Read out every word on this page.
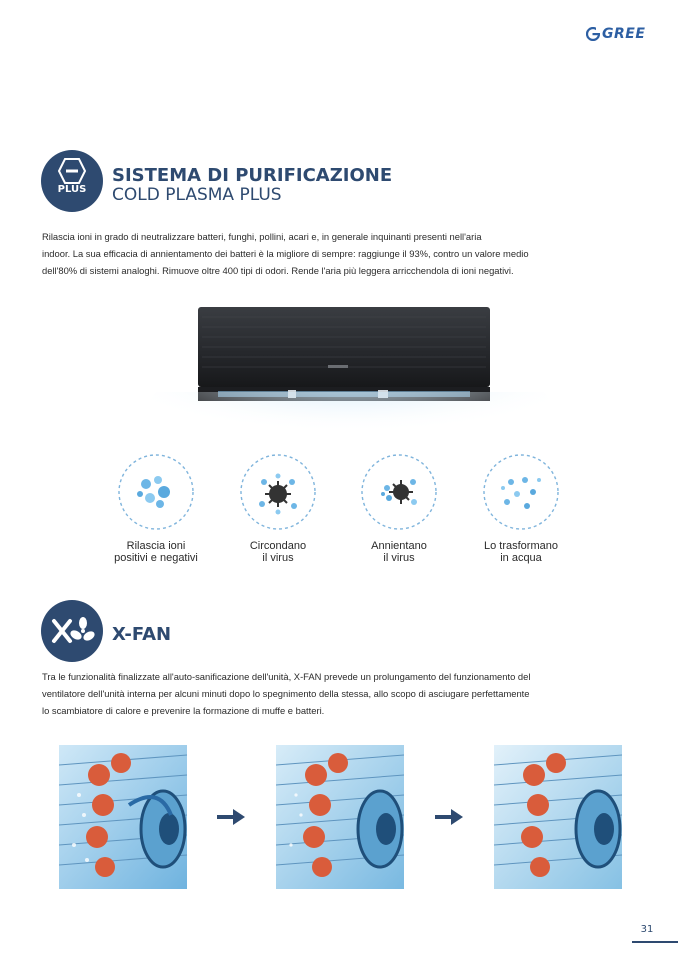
GREE
PLUS
SISTEMA DI PURIFICAZIONE
COLD PLASMA PLUS
Rilascia ioni in grado di neutralizzare batteri, funghi, pollini, acari e, in generale inquinanti presenti nell'aria
indoor. La sua efficacia di annientamento dei batteri è la migliore di sempre: raggiunge il 93%, contro un valore medio
dell'80% di sistemi analoghi. Rimuove oltre 400 tipi di odori. Rende l'aria più leggera arricchendola di ioni negativi.
Rilascia ioni
positivi e negativi
Circondano
il virus
Annientano
il virus
Lo trasformano
in acqua
X-FAN
Tra le funzionalità finalizzate all'auto-sanificazione dell'unità, X-FAN prevede un prolungamento del funzionamento del
ventilatore dell'unità interna per alcuni minuti dopo lo spegnimento della stessa, allo scopo di asciugare perfettamente
lo scambiatore di calore e prevenire la formazione di muffe e batteri.
31
